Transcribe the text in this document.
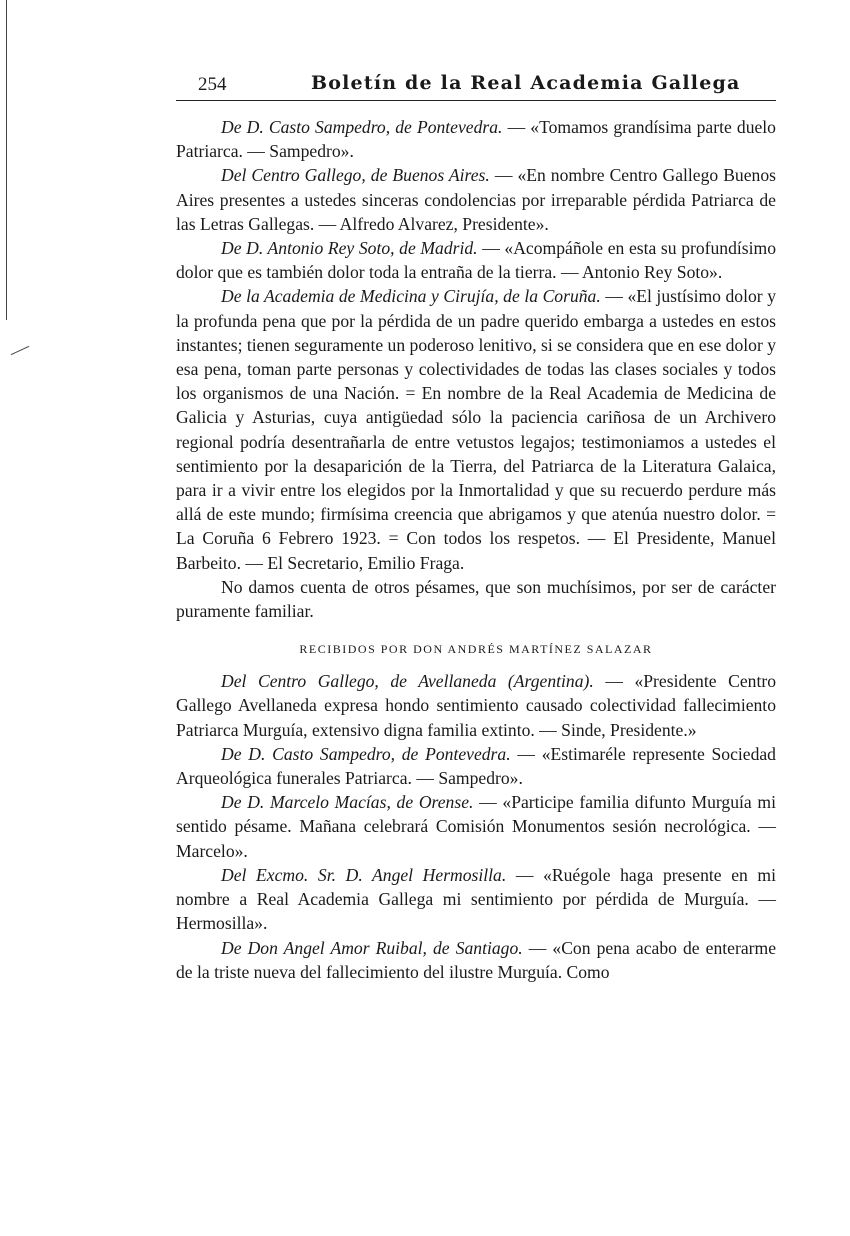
254	Boletín de la Real Academia Gallega

De D. Casto Sampedro, de Pontevedra. — «Tomamos grandísima parte duelo Patriarca. — Sampedro».

Del Centro Gallego, de Buenos Aires. — «En nombre Centro Gallego Buenos Aires presentes a ustedes sinceras condolencias por irreparable pérdida Patriarca de las Letras Gallegas. — Alfredo Alvarez, Presidente».

De D. Antonio Rey Soto, de Madrid. — «Acompáñole en esta su profundísimo dolor que es también dolor toda la entraña de la tierra. — Antonio Rey Soto».

De la Academia de Medicina y Cirujía, de la Coruña. — «El justísimo dolor y la profunda pena que por la pérdida de un padre querido embarga a ustedes en estos instantes; tienen seguramente un poderoso lenitivo, si se considera que en ese dolor y esa pena, toman parte personas y colectividades de todas las clases sociales y todos los organismos de una Nación. = En nombre de la Real Academia de Medicina de Galicia y Asturias, cuya antigüedad sólo la paciencia cariñosa de un Archivero regional podría desentrañarla de entre vetustos legajos; testimoniamos a ustedes el sentimiento por la desaparición de la Tierra, del Patriarca de la Literatura Galaica, para ir a vivir entre los elegidos por la Inmortalidad y que su recuerdo perdure más allá de este mundo; firmísima creencia que abrigamos y que atenúa nuestro dolor. = La Coruña 6 Febrero 1923. = Con todos los respetos. — El Presidente, Manuel Barbeito. — El Secretario, Emilio Fraga.

No damos cuenta de otros pésames, que son muchísimos, por ser de carácter puramente familiar.

RECIBIDOS POR DON ANDRÉS MARTÍNEZ SALAZAR

Del Centro Gallego, de Avellaneda (Argentina). — «Presidente Centro Gallego Avellaneda expresa hondo sentimiento causado colectividad fallecimiento Patriarca Murguía, extensivo digna familia extinto. — Sinde, Presidente.»

De D. Casto Sampedro, de Pontevedra. — «Estimaréle represente Sociedad Arqueológica funerales Patriarca. — Sampedro».

De D. Marcelo Macías, de Orense. — «Participe familia difunto Murguía mi sentido pésame. Mañana celebrará Comisión Monumentos sesión necrológica. — Marcelo».

Del Excmo. Sr. D. Angel Hermosilla. — «Ruégole haga presente en mi nombre a Real Academia Gallega mi sentimiento por pérdida de Murguía. — Hermosilla».

De Don Angel Amor Ruibal, de Santiago. — «Con pena acabo de enterarme de la triste nueva del fallecimiento del ilustre Murguía. Como
